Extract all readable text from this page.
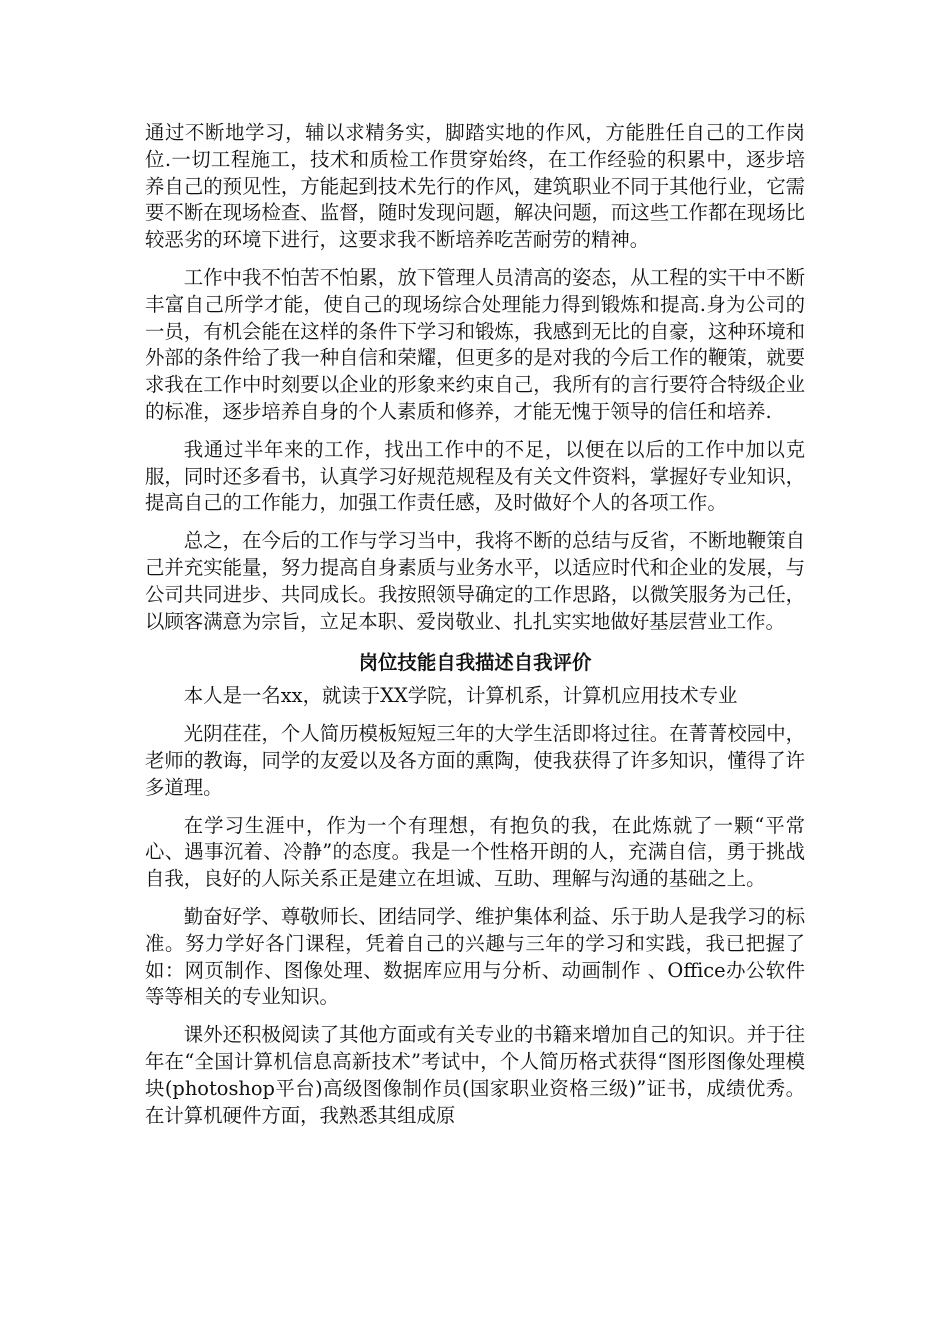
通过不断地学习，辅以求精务实，脚踏实地的作风，方能胜任自己的工作岗位.一切工程施工，技术和质检工作贯穿始终，在工作经验的积累中，逐步培养自己的预见性，方能起到技术先行的作风，建筑职业不同于其他行业，它需要不断在现场检查、监督，随时发现问题，解决问题，而这些工作都在现场比较恶劣的环境下进行，这要求我不断培养吃苦耐劳的精神。

工作中我不怕苦不怕累，放下管理人员清高的姿态，从工程的实干中不断丰富自己所学才能，使自己的现场综合处理能力得到锻炼和提高.身为公司的一员，有机会能在这样的条件下学习和锻炼，我感到无比的自豪，这种环境和外部的条件给了我一种自信和荣耀，但更多的是对我的今后工作的鞭策，就要求我在工作中时刻要以企业的形象来约束自己，我所有的言行要符合特级企业的标准，逐步培养自身的个人素质和修养，才能无愧于领导的信任和培养.

我通过半年来的工作，找出工作中的不足，以便在以后的工作中加以克服，同时还多看书，认真学习好规范规程及有关文件资料，掌握好专业知识，提高自己的工作能力，加强工作责任感，及时做好个人的各项工作。

总之，在今后的工作与学习当中，我将不断的总结与反省，不断地鞭策自己并充实能量，努力提高自身素质与业务水平，以适应时代和企业的发展，与公司共同进步、共同成长。我按照领导确定的工作思路，以微笑服务为己任，以顾客满意为宗旨，立足本职、爱岗敬业、扎扎实实地做好基层营业工作。

岗位技能自我描述自我评价

本人是一名xx，就读于XX学院，计算机系，计算机应用技术专业

光阴荏荏，个人简历模板短短三年的大学生活即将过往。在菁菁校园中，老师的教诲，同学的友爱以及各方面的熏陶，使我获得了许多知识，懂得了许多道理。

在学习生涯中，作为一个有理想，有抱负的我，在此炼就了一颗“平常心、遇事沉着、冷静”的态度。我是一个性格开朗的人，充满自信，勇于挑战自我，良好的人际关系正是建立在坦诚、互助、理解与沟通的基础之上。

勤奋好学、尊敬师长、团结同学、维护集体利益、乐于助人是我学习的标准。努力学好各门课程，凭着自己的兴趣与三年的学习和实践，我已把握了如：网页制作、图像处理、数据库应用与分析、动画制作 、Office办公软件等等相关的专业知识。

课外还积极阅读了其他方面或有关专业的书籍来增加自己的知识。并于往年在“全国计算机信息高新技术”考试中，个人简历格式获得“图形图像处理模块(photoshop平台)高级图像制作员(国家职业资格三级)”证书，成绩优秀。在计算机硬件方面，我熟悉其组成原
